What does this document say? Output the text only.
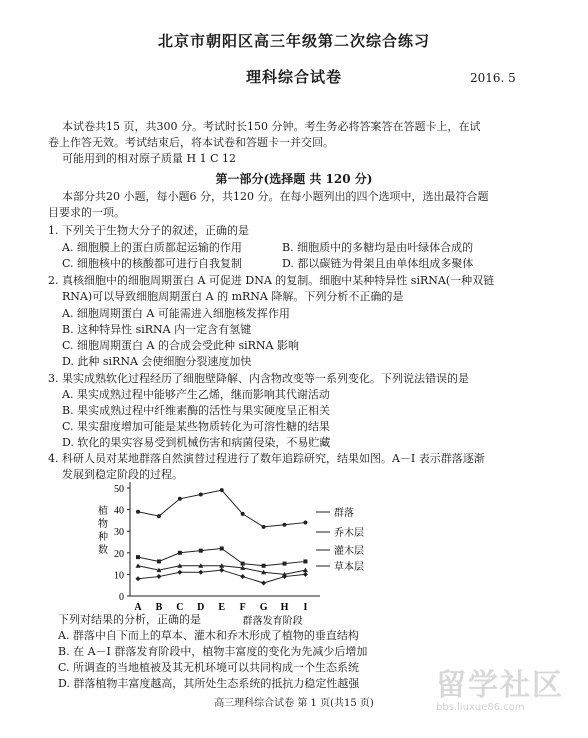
北京市朝阳区高三年级第二次综合练习
理科综合试卷	2016. 5
本试卷共15 页，共300 分。考试时长150 分钟。考生务必将答案答在答题卡上，在试
卷上作答无效。考试结束后，将本试卷和答题卡一并交回。
可能用到的相对原子质量 H 1 C 12
第一部分(选择题 共 120 分)
本部分共20 小题，每小题6 分，共120 分。在每小题列出的四个选项中，选出最符合题
目要求的一项。
1. 下列关于生物大分子的叙述，正确的是
A. 细胞膜上的蛋白质都起运输的作用	B. 细胞质中的多糖均是由叶绿体合成的
C. 细胞核中的核酸都可进行自我复制	D. 都以碳链为骨架且由单体组成多聚体
2. 真核细胞中的细胞周期蛋白 A 可促进 DNA 的复制。细胞中某种特异性 siRNA(一种双链
RNA)可以导致细胞周期蛋白 A 的 mRNA 降解。下列分析不正确的是
A. 细胞周期蛋白 A 可能需进入细胞核发挥作用
B. 这种特异性 siRNA 内一定含有氢键
C. 细胞周期蛋白 A 的合成会受此种 siRNA 影响
D. 此种 siRNA 会使细胞分裂速度加快
3. 果实成熟软化过程经历了细胞壁降解、内含物改变等一系列变化。下列说法错误的是
A. 果实成熟过程中能够产生乙烯，继而影响其代谢活动
B. 果实成熟过程中纤维素酶的活性与果实硬度呈正相关
C. 果实甜度增加可能是某些物质转化为可溶性糖的结果
D. 软化的果实容易受到机械伤害和病菌侵染，不易贮藏
4. 科研人员对某地群落自然演替过程进行了数年追踪研究，结果如图。A－I 表示群落逐渐
0
10
20
30
40
50
植
物
种
数
A B C D E F G H I
群落发育阶段
群落
乔木层
灌木层
草本层
下列对结果的分析，正确的是
A. 群落中自下而上的草本、灌木和乔木形成了植物的垂直结构
B. 在 A－I 群落发育阶段中，植物丰富度的变化为先减少后增加
C. 所调查的当地植被及其无机环境可以共同构成一个生态系统
D. 群落植物丰富度越高，其所处生态系统的抵抗力稳定性越强
高三理科综合试卷 第 1 页(共15 页)
留学社区
bbs.liuxue86.com
发展到稳定阶段的过程。
